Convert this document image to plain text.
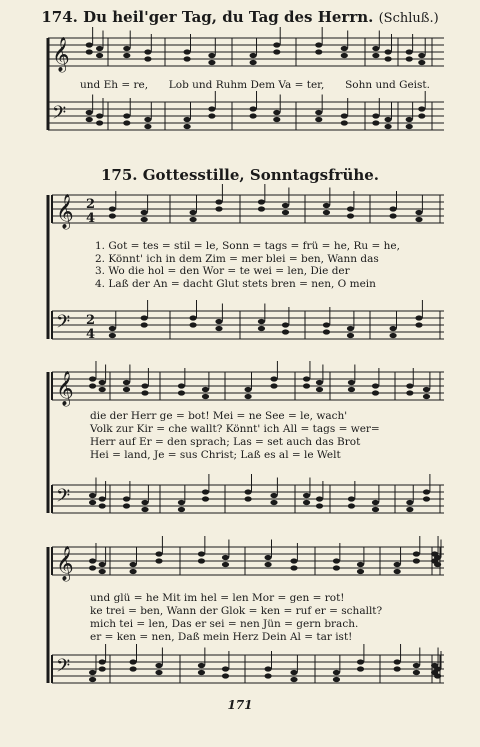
𝄞
𝄢
𝄞
𝄢
𝄞
𝄢
𝄞
𝄢
2
4
2
4
174. Du heil'ger Tag, du Tag des Herrn. (Schluß.)
und Eh = re, Lob und Ruhm Dem Va = ter, Sohn und Geist.
175. Gottesstille, Sonntagsfrühe.
1. Got = tes = stil = le, Sonn = tags = frü = he, Ru = he,
2. Könnt' ich in dem Zim = mer blei = ben, Wann das
3. Wo die hol = den Wor = te wei = len, Die der
4. Laß der An = dacht Glut stets bren = nen, O mein
die der Herr ge = bot! Mei = ne See = le, wach'
Volk zur Kir = che wallt? Könnt' ich All = tags = wer=
Herr auf Er = den sprach; Las = set auch das Brot
Hei = land, Je = sus Christ; Laß es al = le Welt
und glü = he Mit im hel = len Mor = gen = rot!
ke trei = ben, Wann der Glok = ken = ruf er = schallt?
mich tei = len, Das er sei = nen Jün = gern brach.
er = ken = nen, Daß mein Herz Dein Al = tar ist!
171
